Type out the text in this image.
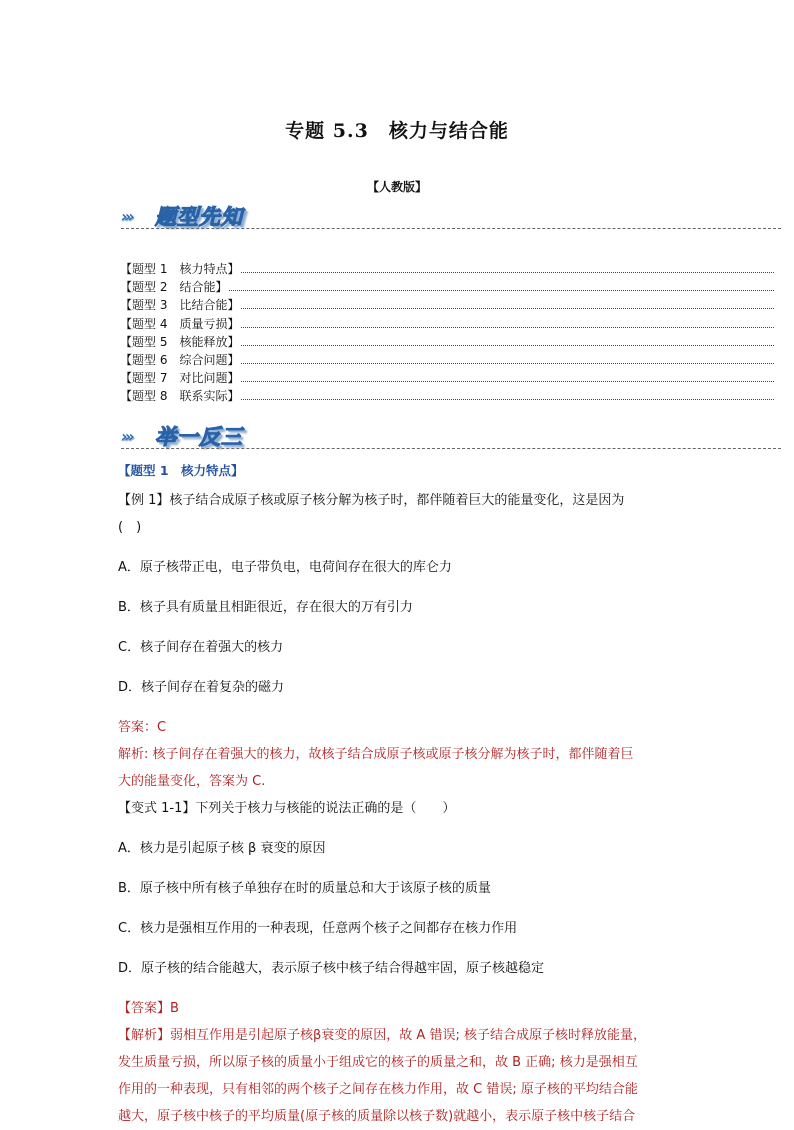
专题 5.3　核力与结合能
【人教版】
››› 题型先知
【题型 1　核力特点】
【题型 2　结合能】
【题型 3　比结合能】
【题型 4　质量亏损】
【题型 5　核能释放】
【题型 6　综合问题】
【题型 7　对比问题】
【题型 8　联系实际】
››› 举一反三
【题型 1　核力特点】

【例 1】核子结合成原子核或原子核分解为核子时，都伴随着巨大的能量变化，这是因为

(　)

A．原子核带正电，电子带负电，电荷间存在很大的库仑力

B．核子具有质量且相距很近，存在很大的万有引力

C．核子间存在着强大的核力

D．核子间存在着复杂的磁力

答案：C

解析: 核子间存在着强大的核力，故核子结合成原子核或原子核分解为核子时，都伴随着巨

大的能量变化，答案为 C.

【变式 1-1】下列关于核力与核能的说法正确的是（　　）

A．核力是引起原子核 β 衰变的原因

B．原子核中所有核子单独存在时的质量总和大于该原子核的质量

C．核力是强相互作用的一种表现，任意两个核子之间都存在核力作用

D．原子核的结合能越大，表示原子核中核子结合得越牢固，原子核越稳定

【答案】B

【解析】弱相互作用是引起原子核β衰变的原因，故 A 错误; 核子结合成原子核时释放能量，

发生质量亏损，所以原子核的质量小于组成它的核子的质量之和，故 B 正确; 核力是强相互

作用的一种表现，只有相邻的两个核子之间存在核力作用，故 C 错误; 原子核的平均结合能

越大，原子核中核子的平均质量(原子核的质量除以核子数)就越小，表示原子核中核子结合
